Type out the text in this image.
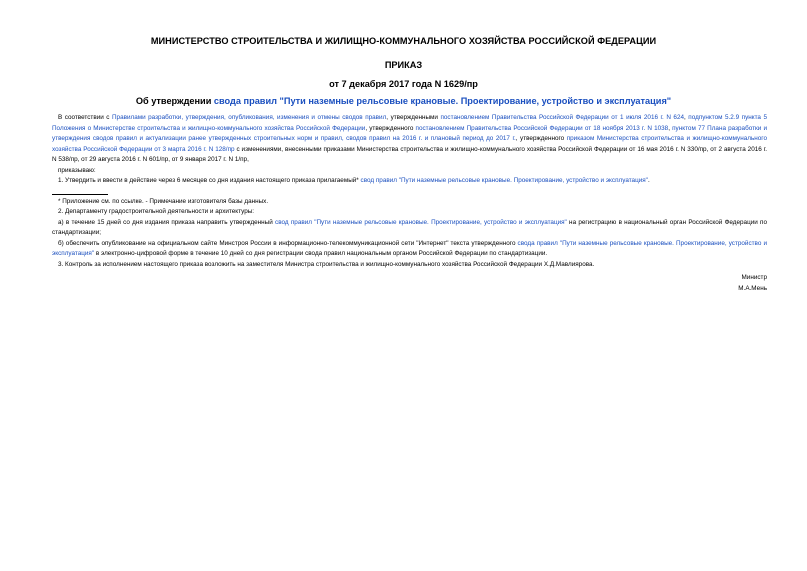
МИНИСТЕРСТВО СТРОИТЕЛЬСТВА И ЖИЛИЩНО-КОММУНАЛЬНОГО ХОЗЯЙСТВА РОССИЙСКОЙ ФЕДЕРАЦИИ
ПРИКАЗ
от 7 декабря 2017 года N 1629/пр
Об утверждении свода правил "Пути наземные рельсовые крановые. Проектирование, устройство и эксплуатация"

В соответствии с Правилами разработки, утверждения, опубликования, изменения и отмены сводов правил, утвержденными постановлением Правительства Российской Федерации от 1 июля 2016 г. N 624, подпунктом 5.2.9 пункта 5 Положения о Министерстве строительства и жилищно-коммунального хозяйства Российской Федерации, утвержденного постановлением Правительства Российской Федерации от 18 ноября 2013 г. N 1038, пунктом 77 Плана разработки и утверждения сводов правил и актуализации ранее утвержденных строительных норм и правил, сводов правил на 2016 г. и плановый период до 2017 г., утвержденного приказом Министерства строительства и жилищно-коммунального хозяйства Российской Федерации от 3 марта 2016 г. N 128/пр с изменениями, внесенными приказами Министерства строительства и жилищно-коммунального хозяйства Российской Федерации от 16 мая 2016 г. N 330/пр, от 2 августа 2016 г. N 538/пр, от 29 августа 2016 г. N 601/пр, от 9 января 2017 г. N 1/пр,

приказываю:

1. Утвердить и ввести в действие через 6 месяцев со дня издания настоящего приказа прилагаемый* свод правил "Пути наземные рельсовые крановые. Проектирование, устройство и эксплуатация".

* Приложение см. по ссылке. - Примечание изготовителя базы данных.

2. Департаменту градостроительной деятельности и архитектуры:

а) в течение 15 дней со дня издания приказа направить утвержденный свод правил "Пути наземные рельсовые крановые. Проектирование, устройство и эксплуатация" на регистрацию в национальный орган Российской Федерации по стандартизации;

б) обеспечить опубликование на официальном сайте Минстроя России в информационно-телекоммуникационной сети "Интернет" текста утвержденного свода правил "Пути наземные рельсовые крановые. Проектирование, устройство и эксплуатация" в электронно-цифровой форме в течение 10 дней со дня регистрации свода правил национальным органом Российской Федерации по стандартизации.

3. Контроль за исполнением настоящего приказа возложить на заместителя Министра строительства и жилищно-коммунального хозяйства Российской Федерации Х.Д.Мавлиярова.

Министр

М.А.Мень
